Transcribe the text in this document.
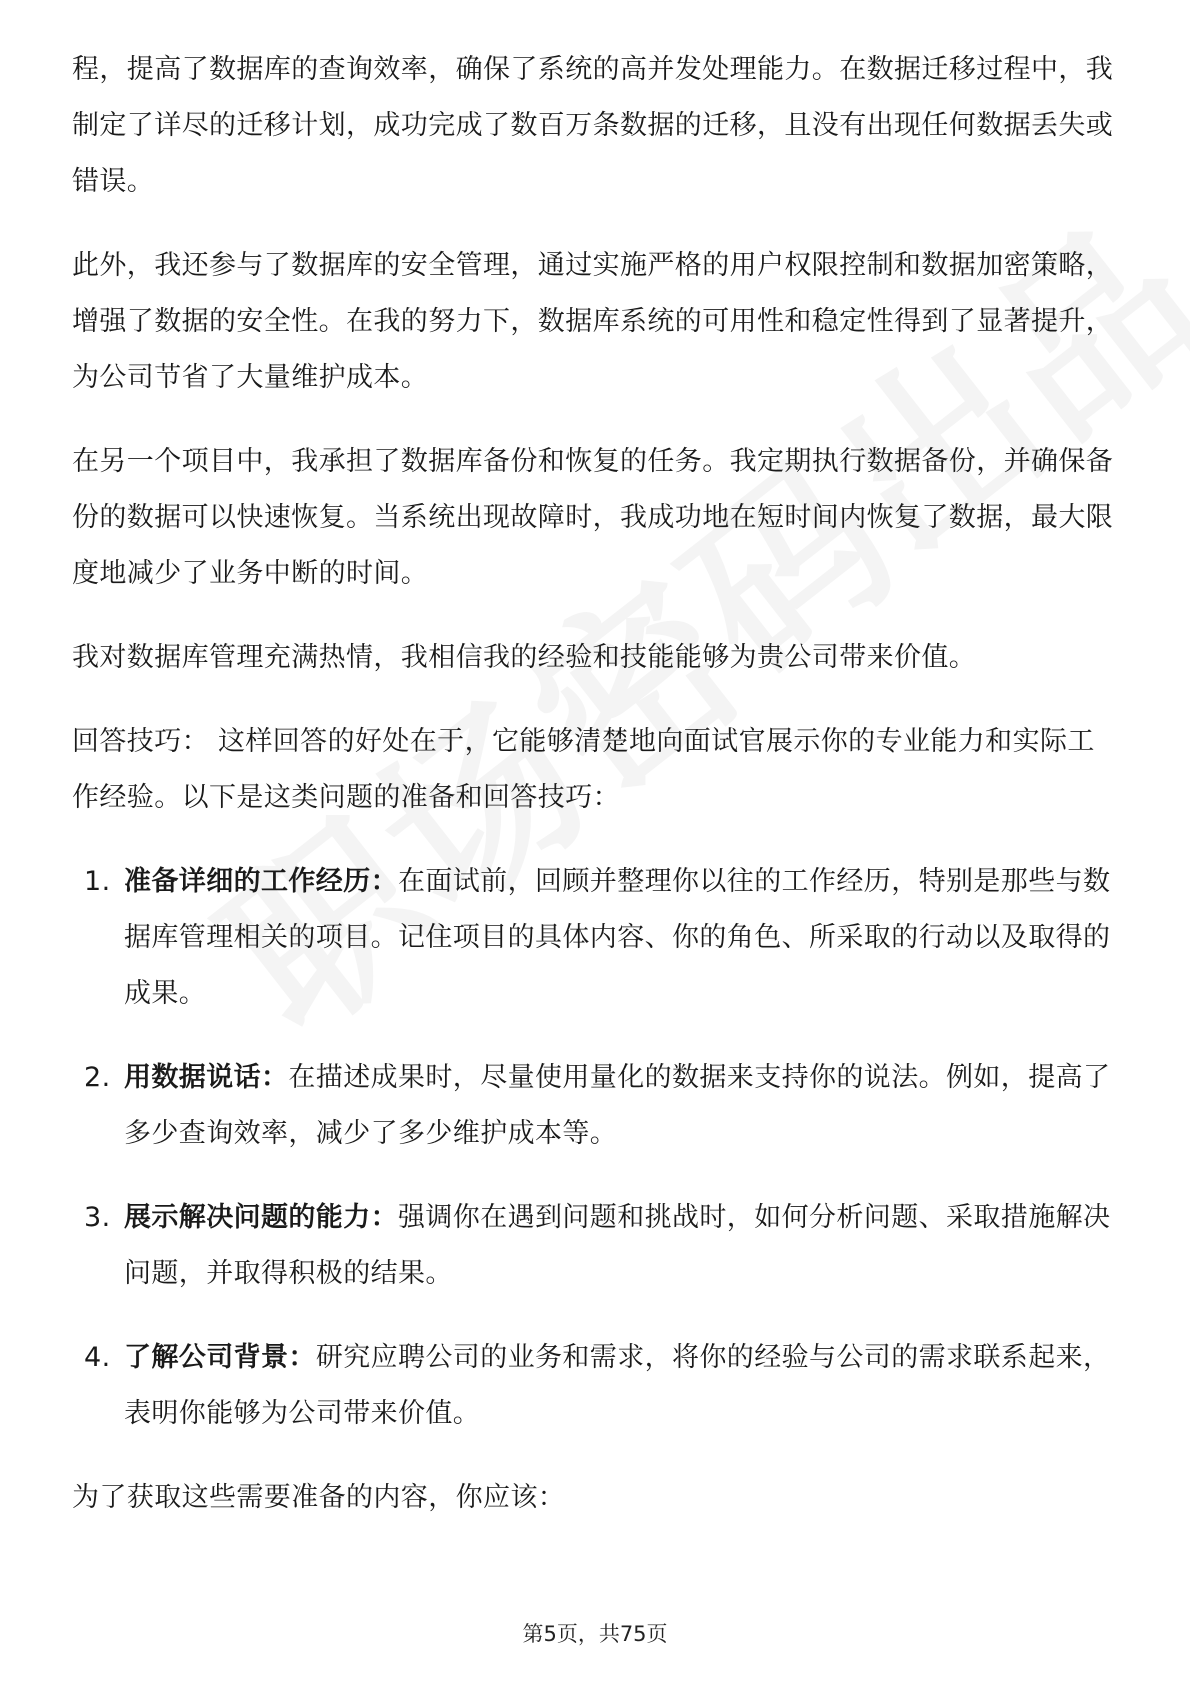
程，提高了数据库的查询效率，确保了系统的高并发处理能力。在数据迁移过程中，我制定了详尽的迁移计划，成功完成了数百万条数据的迁移，且没有出现任何数据丢失或错误。

此外，我还参与了数据库的安全管理，通过实施严格的用户权限控制和数据加密策略，增强了数据的安全性。在我的努力下，数据库系统的可用性和稳定性得到了显著提升，为公司节省了大量维护成本。

在另一个项目中，我承担了数据库备份和恢复的任务。我定期执行数据备份，并确保备份的数据可以快速恢复。当系统出现故障时，我成功地在短时间内恢复了数据，最大限度地减少了业务中断的时间。

我对数据库管理充满热情，我相信我的经验和技能能够为贵公司带来价值。

回答技巧： 这样回答的好处在于，它能够清楚地向面试官展示你的专业能力和实际工作经验。以下是这类问题的准备和回答技巧：

1. 准备详细的工作经历：在面试前，回顾并整理你以往的工作经历，特别是那些与数据库管理相关的项目。记住项目的具体内容、你的角色、所采取的行动以及取得的成果。
2. 用数据说话：在描述成果时，尽量使用量化的数据来支持你的说法。例如，提高了多少查询效率，减少了多少维护成本等。
3. 展示解决问题的能力：强调你在遇到问题和挑战时，如何分析问题、采取措施解决问题，并取得积极的结果。
4. 了解公司背景：研究应聘公司的业务和需求，将你的经验与公司的需求联系起来，表明你能够为公司带来价值。

为了获取这些需要准备的内容，你应该：

第5页，共75页
